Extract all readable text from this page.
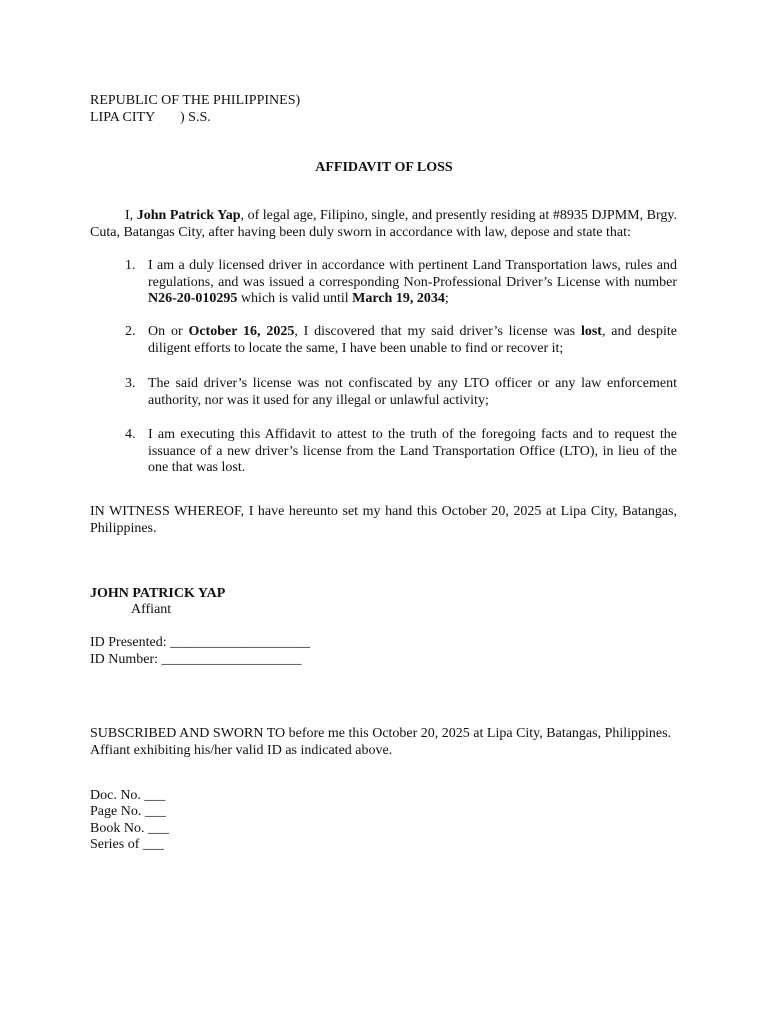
REPUBLIC OF THE PHILIPPINES)
LIPA CITY ) S.S.
AFFIDAVIT OF LOSS
I, John Patrick Yap, of legal age, Filipino, single, and presently residing at #8935 DJPMM, Brgy. Cuta, Batangas City, after having been duly sworn in accordance with law, depose and state that:
1. I am a duly licensed driver in accordance with pertinent Land Transportation laws, rules and regulations, and was issued a corresponding Non-Professional Driver’s License with number N26-20-010295 which is valid until March 19, 2034;
2. On or October 16, 2025, I discovered that my said driver’s license was lost, and despite diligent efforts to locate the same, I have been unable to find or recover it;
3. The said driver’s license was not confiscated by any LTO officer or any law enforcement authority, nor was it used for any illegal or unlawful activity;
4. I am executing this Affidavit to attest to the truth of the foregoing facts and to request the issuance of a new driver’s license from the Land Transportation Office (LTO), in lieu of the one that was lost.
IN WITNESS WHEREOF, I have hereunto set my hand this October 20, 2025 at Lipa City, Batangas, Philippines.
JOHN PATRICK YAP
Affiant
ID Presented: ____________________
ID Number: ____________________
SUBSCRIBED AND SWORN TO before me this October 20, 2025 at Lipa City, Batangas, Philippines.
Affiant exhibiting his/her valid ID as indicated above.
Doc. No. ___
Page No. ___
Book No. ___
Series of ___
